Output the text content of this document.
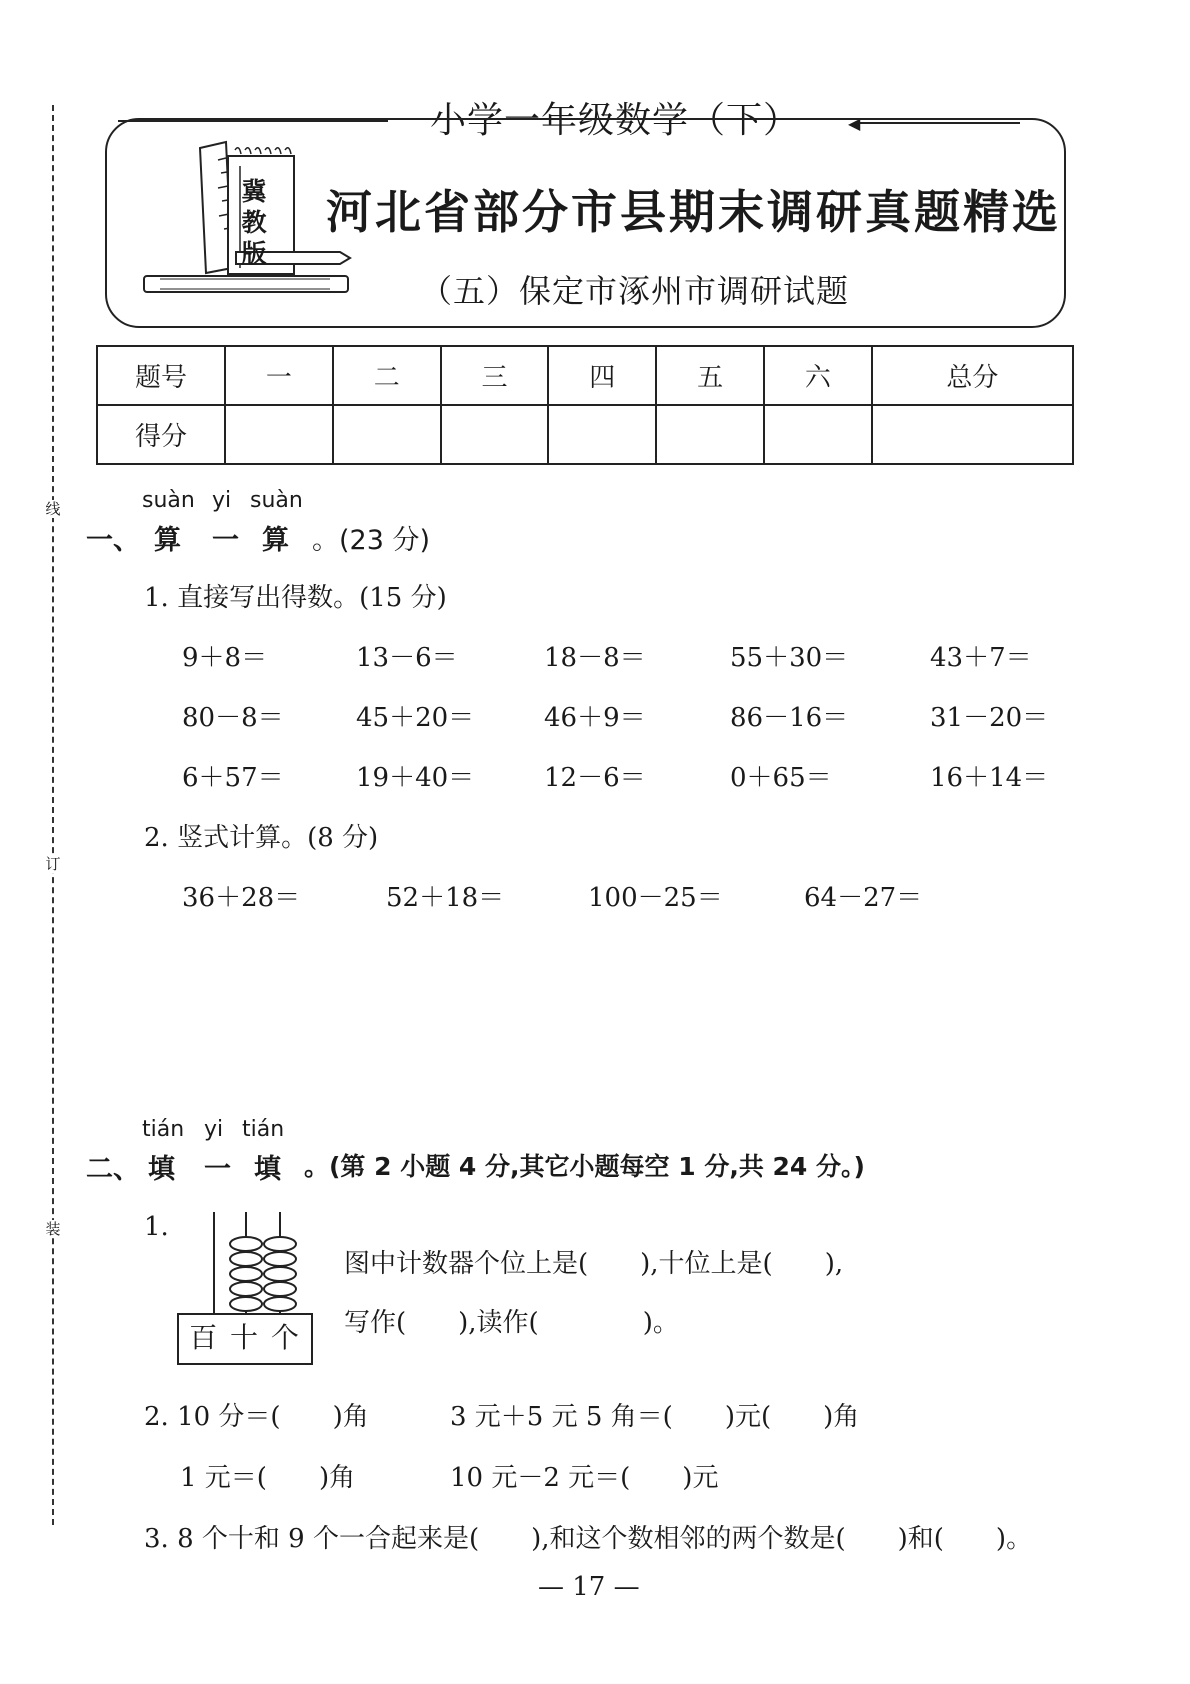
线
订
装
小学一年级数学（下）	◀
冀教版
河北省部分市县期末调研真题精选
（五）保定市涿州市调研试题
题号	一	二	三	四	五	六	总分
得分							
suàn yi suàn
一、 算 一 算 。(23 分)
1. 直接写出得数。(15 分)
9＋8＝	13－6＝	18－8＝	55＋30＝	43＋7＝
80－8＝	45＋20＝	46＋9＝	86－16＝	31－20＝
6＋57＝	19＋40＝	12－6＝	0＋65＝	16＋14＝
2. 竖式计算。(8 分)
36＋28＝	52＋18＝	100－25＝	64－27＝
tián yi tián
二、 填 一 填 。(第 2 小题 4 分,其它小题每空 1 分,共 24 分。)
1.
百 十 个
图中计数器个位上是(　　),十位上是(　　),
写作(　　),读作(　　　　)。
2. 10 分＝(　　)角	3 元＋5 元 5 角＝(　　)元(　　)角
1 元＝(　　)角	10 元－2 元＝(　　)元
3. 8 个十和 9 个一合起来是(　　),和这个数相邻的两个数是(　　)和(　　)。
— 17 —
